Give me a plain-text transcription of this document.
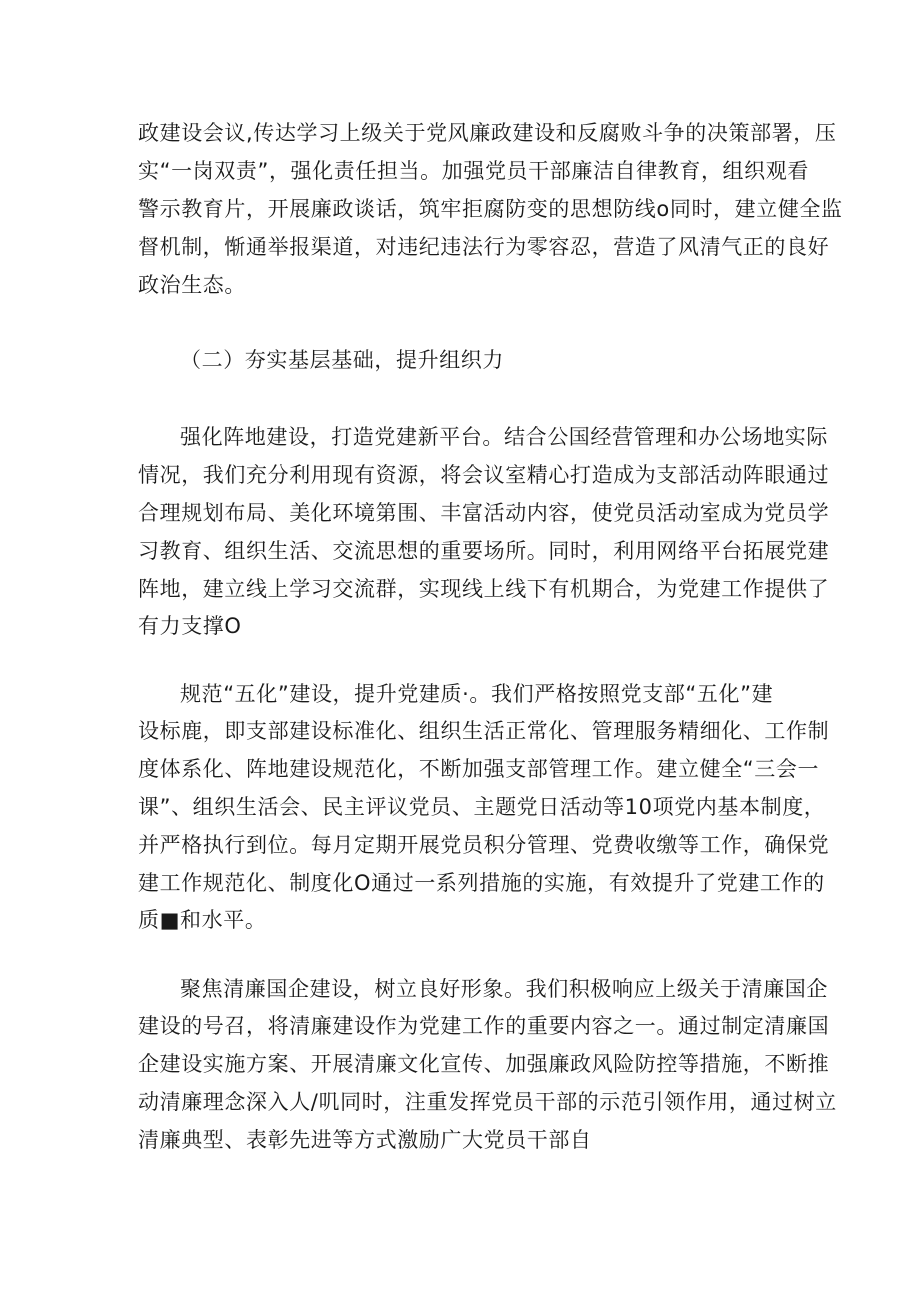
政建设会议,传达学习上级关于党风廉政建设和反腐败斗争的决策部署，压
实“一岗双责”，强化责任担当。加强党员干部廉洁自律教育，组织观看
警示教育片，开展廉政谈话，筑牢拒腐防变的思想防线o同时，建立健全监
督机制，惭通举报渠道，对违纪违法行为零容忍，营造了风清气正的良好
政治生态。
（二）夯实基层基础，提升组织力
强化阵地建设，打造党建新平台。结合公国经营管理和办公场地实际
情况，我们充分利用现有资源，将会议室精心打造成为支部活动阵眼通过
合理规划布局、美化环境第围、丰富活动内容，使党员活动室成为党员学
习教育、组织生活、交流思想的重要场所。同时，利用网络平台拓展党建
阵地，建立线上学习交流群，实现线上线下有机期合，为党建工作提供了
有力支撑O
规范“五化”建设，提升党建质·。我们严格按照党支部“五化”建
设标鹿，即支部建设标准化、组织生活正常化、管理服务精细化、工作制
度体系化、阵地建设规范化，不断加强支部管理工作。建立健全“三会一
课”、组织生活会、民主评议党员、主题党日活动等10项党内基本制度，
并严格执行到位。每月定期开展党员积分管理、党费收缴等工作，确保党
建工作规范化、制度化O通过一系列措施的实施，有效提升了党建工作的
质■和水平。
聚焦清廉国企建设，树立良好形象。我们积极响应上级关于清廉国企
建设的号召，将清廉建设作为党建工作的重要内容之一。通过制定清廉国
企建设实施方案、开展清廉文化宣传、加强廉政风险防控等措施，不断推
动清廉理念深入人/叽同时，注重发挥党员干部的示范引领作用，通过树立
清廉典型、表彰先进等方式激励广大党员干部自
